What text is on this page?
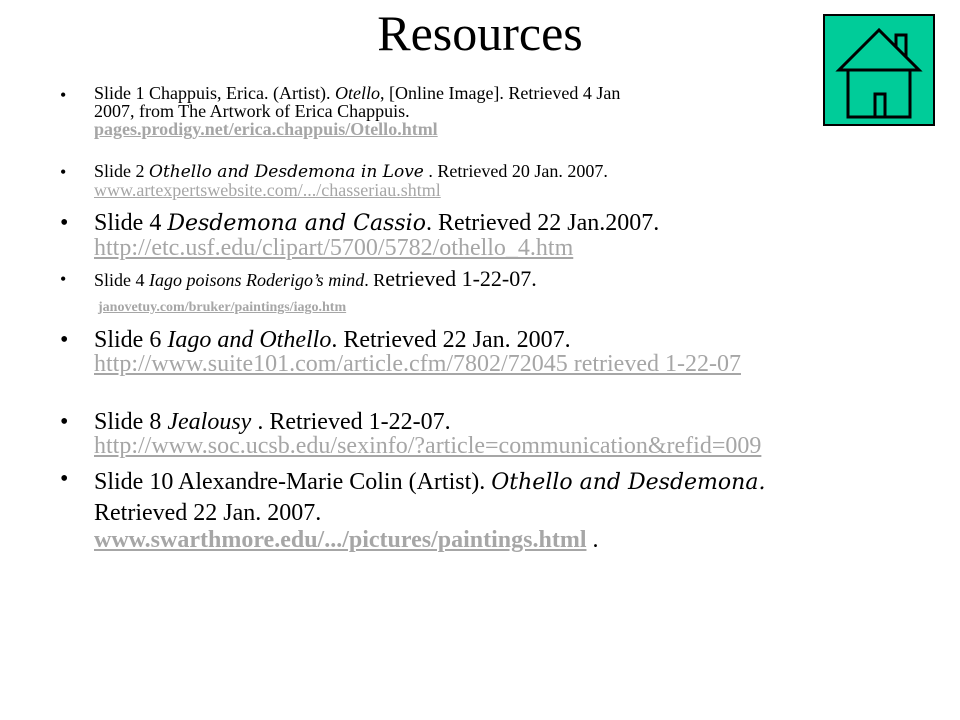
Resources
• Slide 1 Chappuis, Erica. (Artist). Otello, [Online Image]. Retrieved 4 Jan
2007, from The Artwork of Erica Chappuis.
pages.prodigy.net/erica.chappuis/Otello.html
• Slide 2 Othello and Desdemona in Love . Retrieved 20 Jan. 2007.
www.artexpertswebsite.com/.../chasseriau.shtml
• Slide 4 Desdemona and Cassio. Retrieved 22 Jan.2007.
http://etc.usf.edu/clipart/5700/5782/othello_4.htm
• Slide 4 Iago poisons Roderigo’s mind. Retrieved 1-22-07.
janovetuy.com/bruker/paintings/iago.htm
• Slide 6 Iago and Othello. Retrieved 22 Jan. 2007.
http://www.suite101.com/article.cfm/7802/72045 retrieved 1-22-07
• Slide 8 Jealousy . Retrieved 1-22-07.
http://www.soc.ucsb.edu/sexinfo/?article=communication&refid=009
• Slide 10 Alexandre-Marie Colin (Artist). Othello and Desdemona.
Retrieved 22 Jan. 2007.
www.swarthmore.edu/.../pictures/paintings.html .
